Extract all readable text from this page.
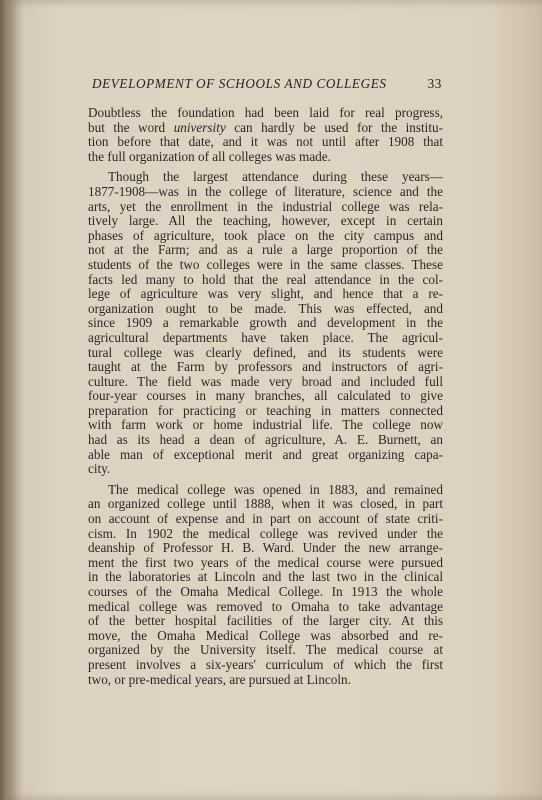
DEVELOPMENT OF SCHOOLS AND COLLEGES	33

Doubtless the foundation had been laid for real progress,
but the word university can hardly be used for the institu-
tion before that date, and it was not until after 1908 that
the full organization of all colleges was made.

Though the largest attendance during these years—
1877-1908—was in the college of literature, science and the
arts, yet the enrollment in the industrial college was rela-
tively large. All the teaching, however, except in certain
phases of agriculture, took place on the city campus and
not at the Farm; and as a rule a large proportion of the
students of the two colleges were in the same classes. These
facts led many to hold that the real attendance in the col-
lege of agriculture was very slight, and hence that a re-
organization ought to be made. This was effected, and
since 1909 a remarkable growth and development in the
agricultural departments have taken place. The agricul-
tural college was clearly defined, and its students were
taught at the Farm by professors and instructors of agri-
culture. The field was made very broad and included full
four-year courses in many branches, all calculated to give
preparation for practicing or teaching in matters connected
with farm work or home industrial life. The college now
had as its head a dean of agriculture, A. E. Burnett, an
able man of exceptional merit and great organizing capa-
city.

The medical college was opened in 1883, and remained
an organized college until 1888, when it was closed, in part
on account of expense and in part on account of state criti-
cism. In 1902 the medical college was revived under the
deanship of Professor H. B. Ward. Under the new arrange-
ment the first two years of the medical course were pursued
in the laboratories at Lincoln and the last two in the clinical
courses of the Omaha Medical College. In 1913 the whole
medical college was removed to Omaha to take advantage
of the better hospital facilities of the larger city. At this
move, the Omaha Medical College was absorbed and re-
organized by the University itself. The medical course at
present involves a six-years' curriculum of which the first
two, or pre-medical years, are pursued at Lincoln.
